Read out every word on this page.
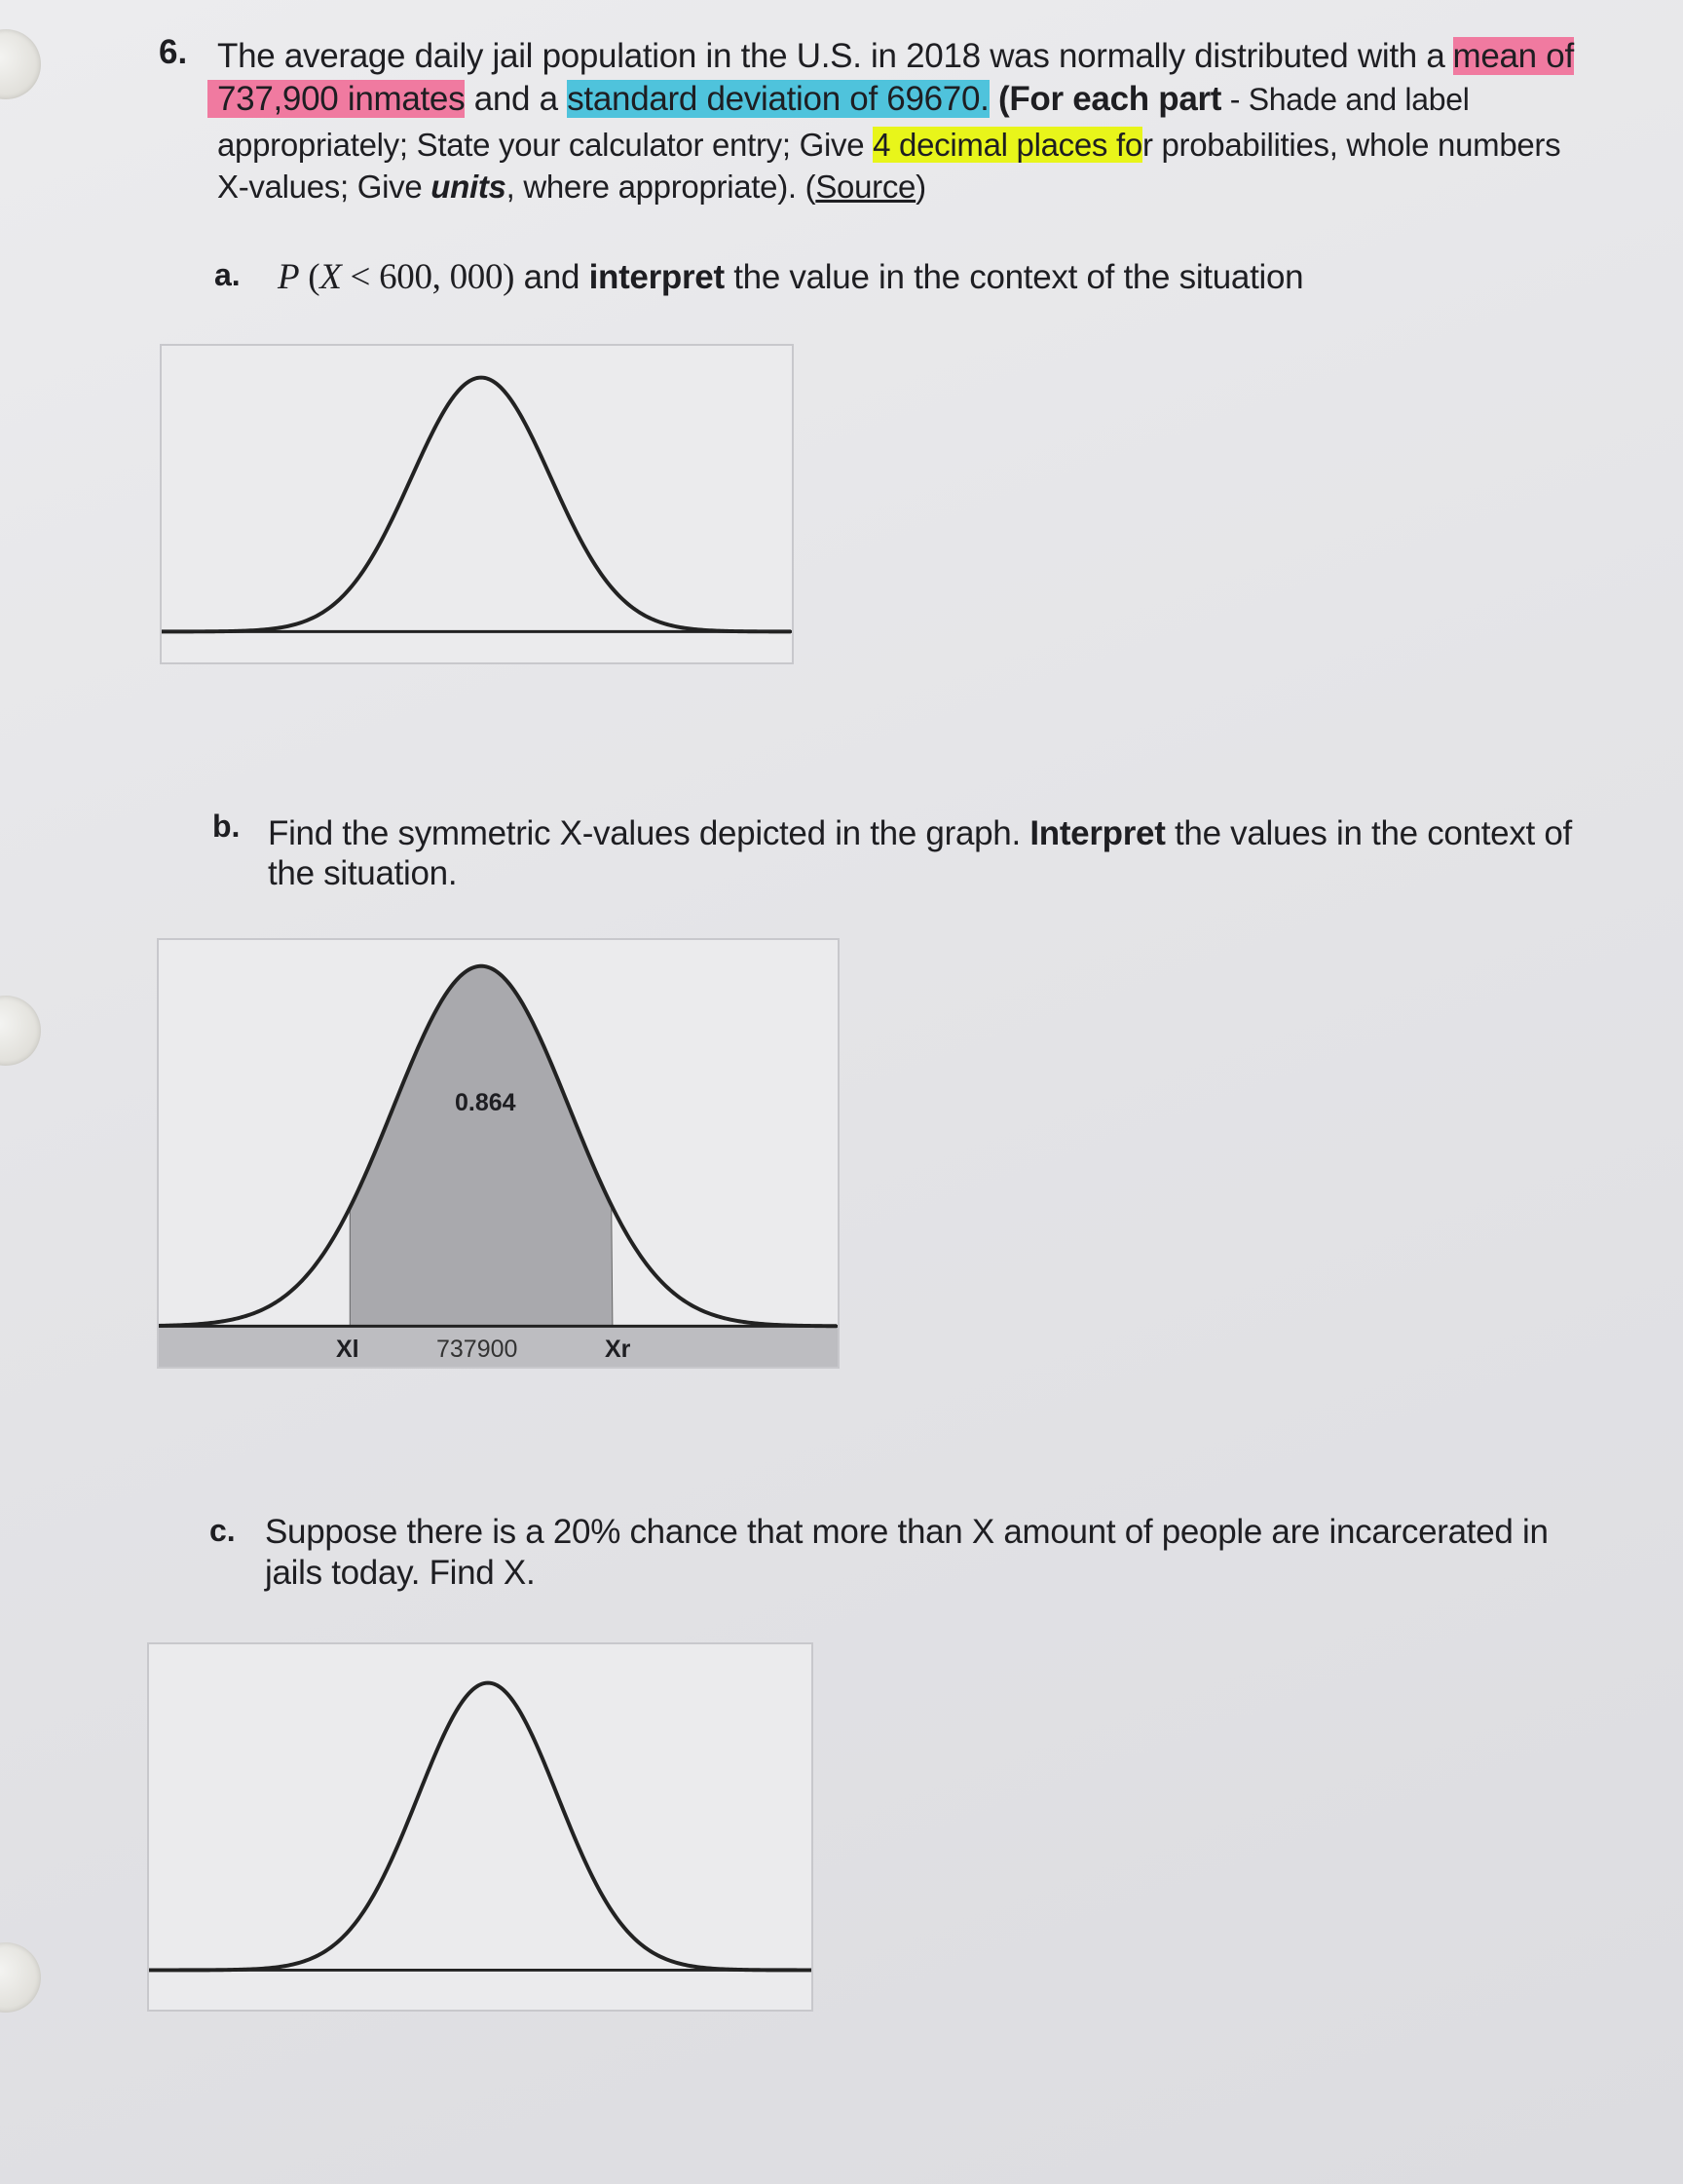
6. The average daily jail population in the U.S. in 2018 was normally distributed with a mean of
737,900 inmates and a standard deviation of 69670. (For each part - Shade and label
appropriately; State your calculator entry; Give 4 decimal places for probabilities, whole numbers
X-values; Give units, where appropriate). (Source)
a. P (X < 600, 000) and interpret the value in the context of the situation
b. Find the symmetric X-values depicted in the graph. Interpret the values in the context of
the situation.
0.864
Xl	737900	Xr
c. Suppose there is a 20% chance that more than X amount of people are incarcerated in
jails today. Find X.
